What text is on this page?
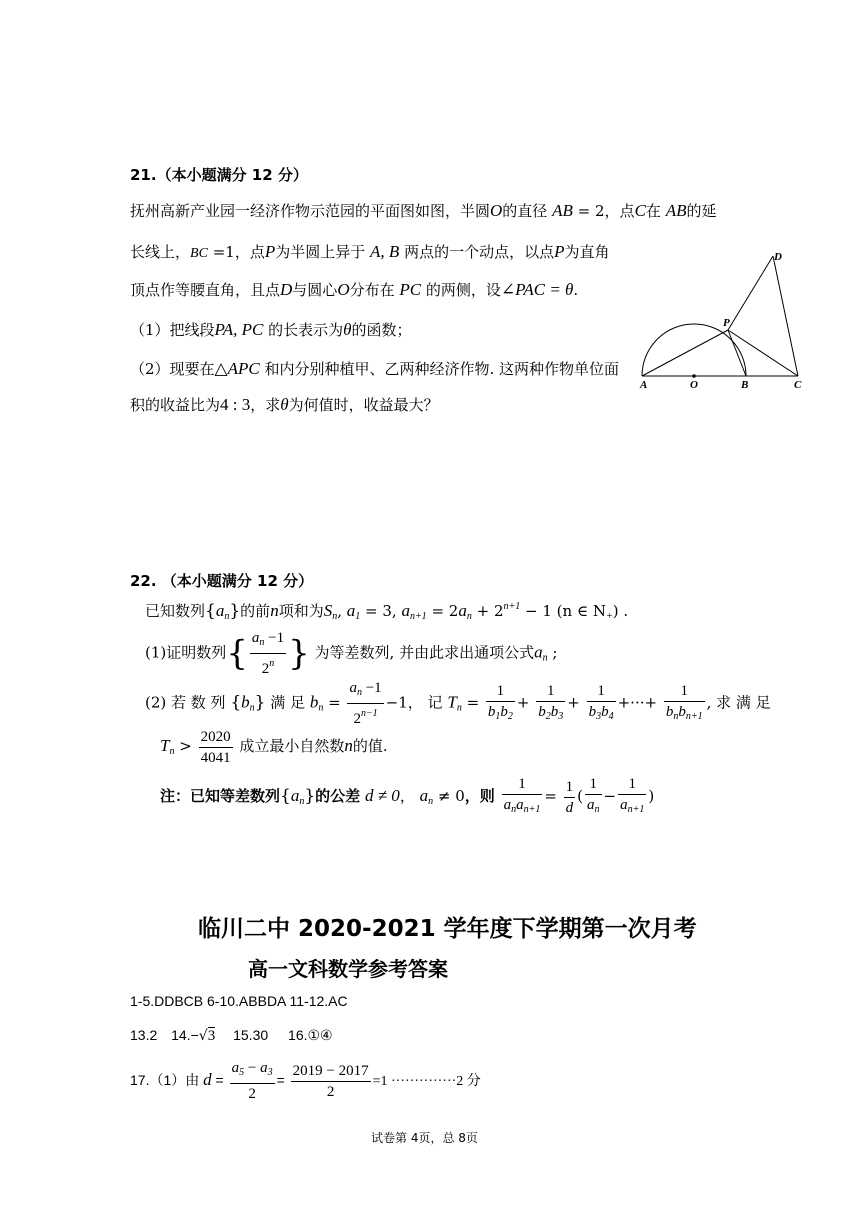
21.（本小题满分 12 分）
抚州高新产业园一经济作物示范园的平面图如图，半圆O的直径 AB = 2，点C在 AB的延
长线上，BC =1，点P为半圆上异于 A, B 两点的一个动点，以点P为直角
顶点作等腰直角，且点D与圆心O分布在 PC 的两侧，设∠PAC = θ.
（1）把线段PA, PC 的长表示为θ的函数；
（2）现要在△APC 和内分别种植甲、乙两种经济作物. 这两种作物单位面
积的收益比为4 : 3，求θ为何值时，收益最大？
A	O	B	C
P
D
22. （本小题满分 12 分）
已知数列$\{a_n\}$的前n项和为$S_n$, $a_1 = 3$, $a_{n+1} = 2a_n + 2^{n+1} - 1$ (n ∈ $N_+$) .
(1)证明数列{ $\frac{a_n -1}{2^n}$ } 为等差数列, 并由此求出通项公式$a_n$ ;
(2) 若 数 列 $\{b_n\}$ 满 足 $b_n = \frac{a_n -1}{2^{n-1}} -1$， 记 $T_n = \frac{1}{b_1b_2} + \frac{1}{b_2b_3} + \frac{1}{b_3b_4}$ +···+ $\frac{1}{b_nb_{n+1}}$ , 求 满 足
$T_n > \frac{2020}{4041}$ 成立最小自然数n的值.
注：已知等差数列$\{a_n\}$的公差 d ≠ 0， $a_n \ne 0$，则 $\frac{1}{a_na_{n+1}} = \frac{1}{d}$ ( $\frac{1}{a_n} - \frac{1}{a_{n+1}}$ )
临川二中 2020-2021 学年度下学期第一次月考
高一文科数学参考答案
1-5.DDBCB 6-10.ABBDA 11-12.AC
13.2 14.−√3 15.30 16.①④
17.（1）由 $d = \frac{a_5 - a_3}{2} = \frac{2019 - 2017}{2} =1 \cdot\cdot\cdot\cdot\cdot\cdot\cdot\cdot\cdot\cdot\cdot\cdot\cdot\cdot 2$ 分
试卷第 4页，总 8页
